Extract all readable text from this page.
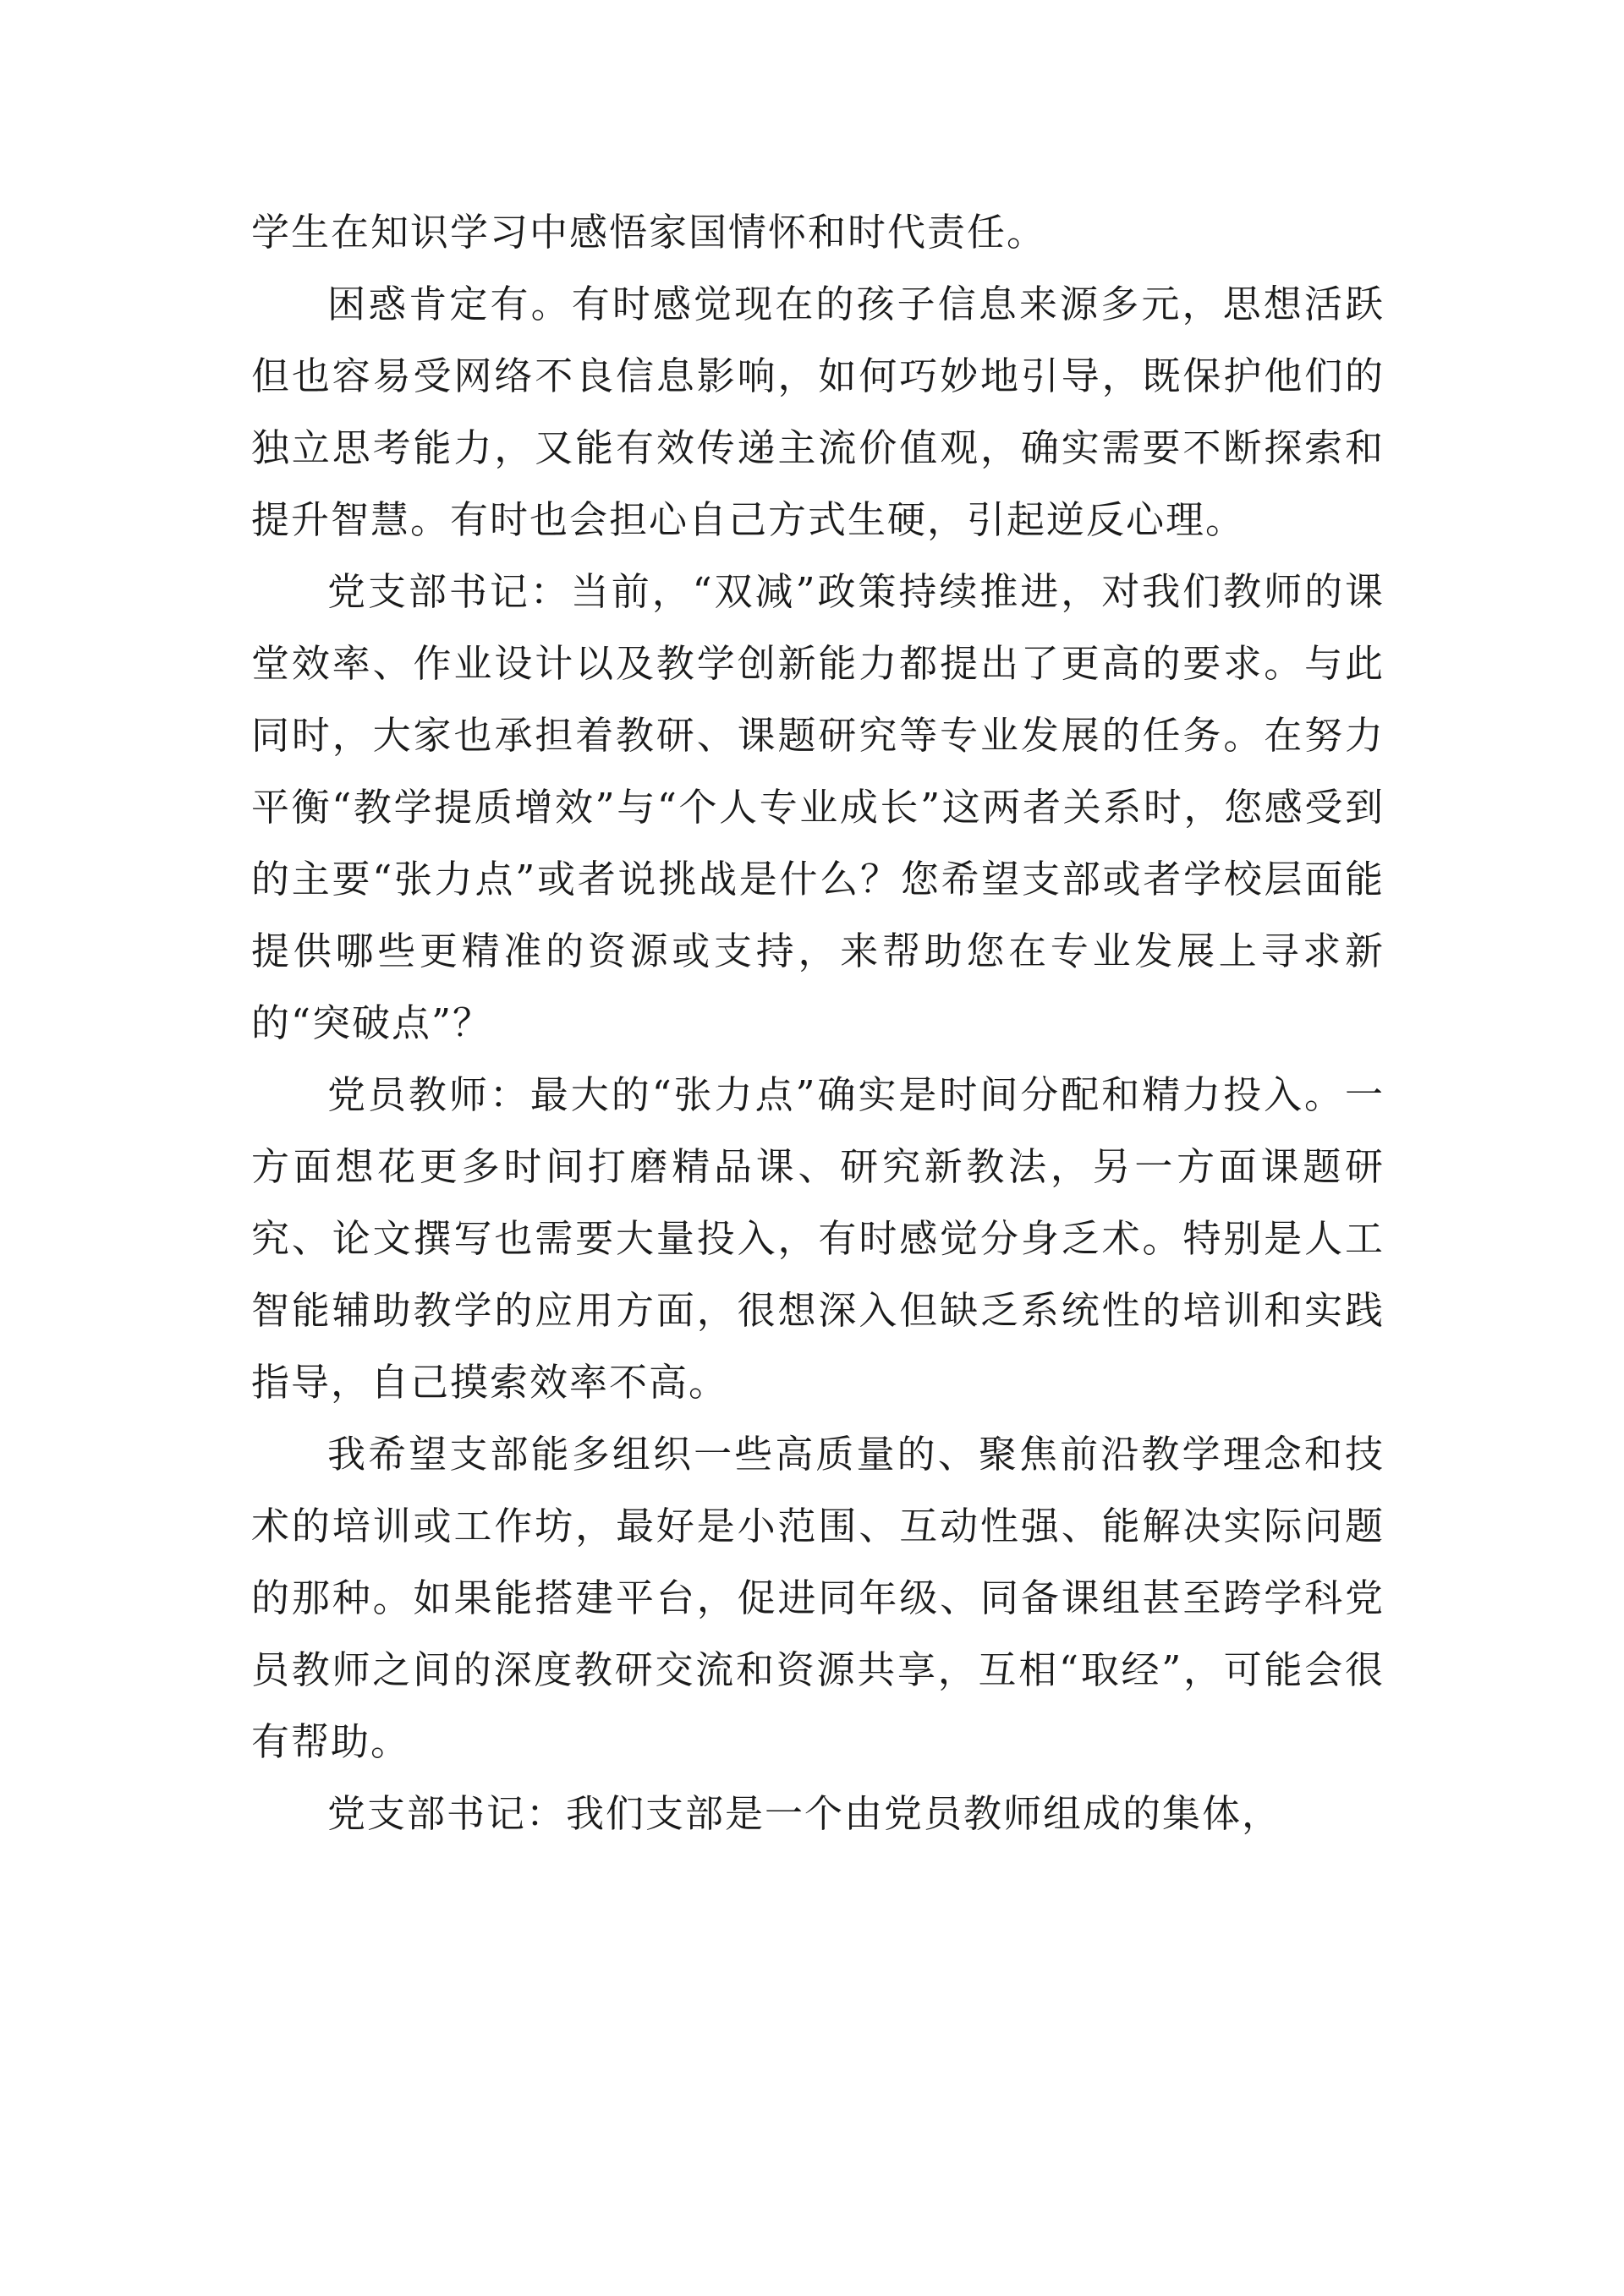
学生在知识学习中感悟家国情怀和时代责任。

困惑肯定有。有时感觉现在的孩子信息来源多元，思想活跃但也容易受网络不良信息影响，如何巧妙地引导，既保护他们的独立思考能力，又能有效传递主流价值观，确实需要不断探索和提升智慧。有时也会担心自己方式生硬，引起逆反心理。

党支部书记：当前，“双减”政策持续推进，对我们教师的课堂效率、作业设计以及教学创新能力都提出了更高的要求。与此同时，大家也承担着教研、课题研究等专业发展的任务。在努力平衡“教学提质增效”与“个人专业成长”这两者关系时，您感受到的主要“张力点”或者说挑战是什么？您希望支部或者学校层面能提供哪些更精准的资源或支持，来帮助您在专业发展上寻求新的“突破点”？

党员教师：最大的“张力点”确实是时间分配和精力投入。一方面想花更多时间打磨精品课、研究新教法，另一方面课题研究、论文撰写也需要大量投入，有时感觉分身乏术。特别是人工智能辅助教学的应用方面，很想深入但缺乏系统性的培训和实践指导，自己摸索效率不高。

我希望支部能多组织一些高质量的、聚焦前沿教学理念和技术的培训或工作坊，最好是小范围、互动性强、能解决实际问题的那种。如果能搭建平台，促进同年级、同备课组甚至跨学科党员教师之间的深度教研交流和资源共享，互相“取经”，可能会很有帮助。

党支部书记：我们支部是一个由党员教师组成的集体，
